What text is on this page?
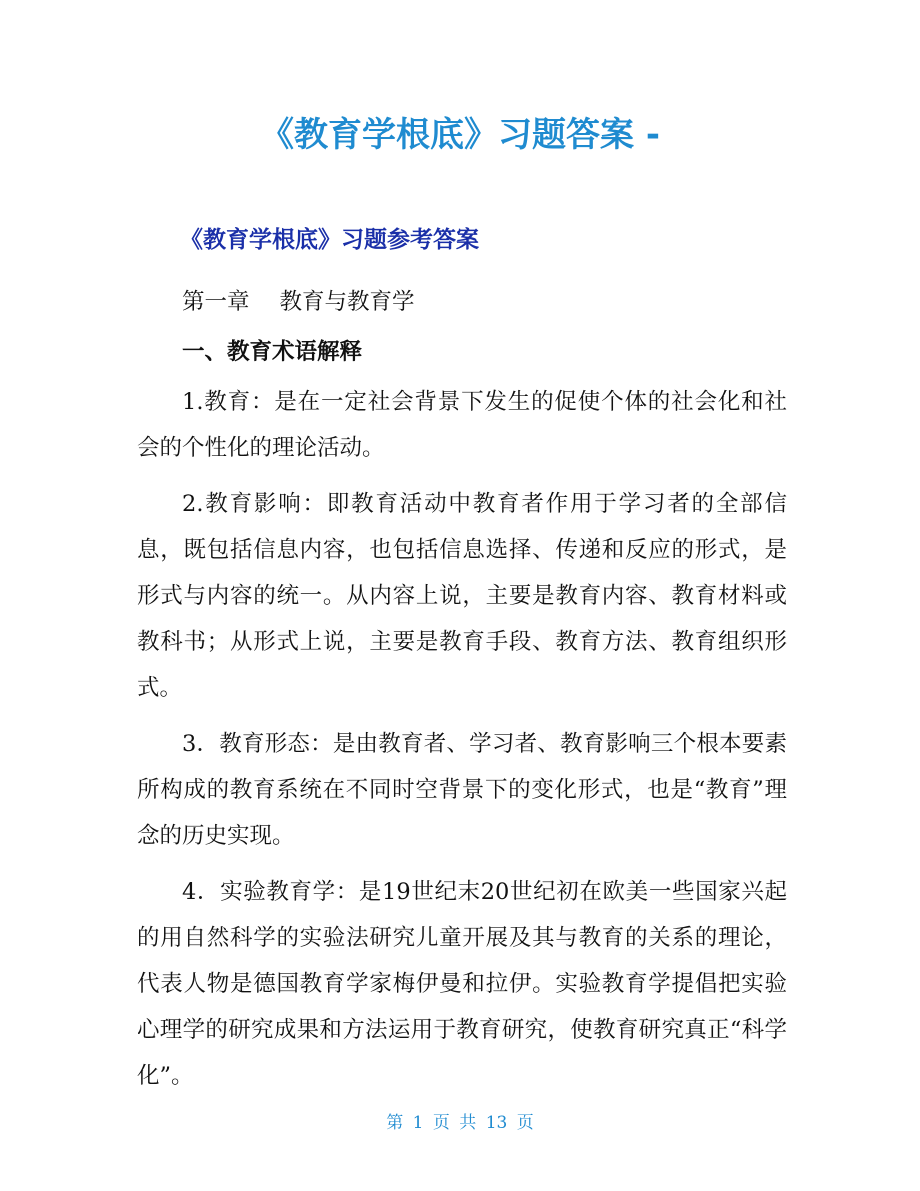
《教育学根底》习题答案 -
《教育学根底》习题参考答案

第一章 教育与教育学

一、教育术语解释

1.教育：是在一定社会背景下发生的促使个体的社会化和社会的个性化的理论活动。

2.教育影响：即教育活动中教育者作用于学习者的全部信息，既包括信息内容，也包括信息选择、传递和反应的形式，是形式与内容的统一。从内容上说，主要是教育内容、教育材料或教科书；从形式上说，主要是教育手段、教育方法、教育组织形式。

3．教育形态：是由教育者、学习者、教育影响三个根本要素所构成的教育系统在不同时空背景下的变化形式，也是“教育”理念的历史实现。

4．实验教育学：是19世纪末20世纪初在欧美一些国家兴起的用自然科学的实验法研究儿童开展及其与教育的关系的理论，代表人物是德国教育学家梅伊曼和拉伊。实验教育学提倡把实验心理学的研究成果和方法运用于教育研究，使教育研究真正“科学化”。

第 1 页 共 13 页
